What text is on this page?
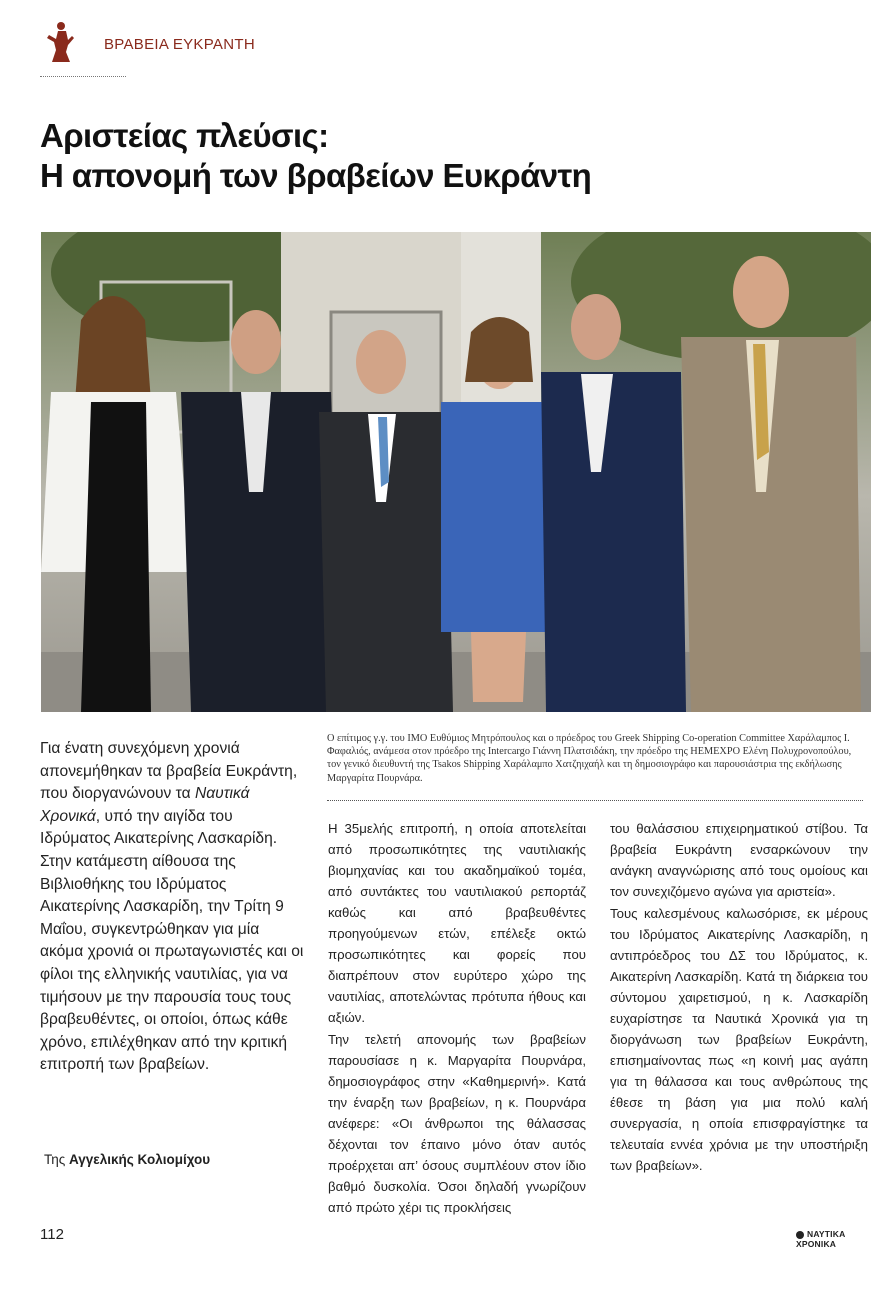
ΒΡΑΒΕΙΑ ΕΥΚΡΑΝΤΗ
Αριστείας πλεύσις:
Η απονομή των βραβείων Ευκράντη
Ο επίτιμος γ.γ. του ΙΜΟ Ευθύμιος Μητρόπουλος και ο πρόεδρος του Greek Shipping Co-operation Committee Χαράλαμπος Ι. Φαφαλιός, ανάμεσα στον πρόεδρο της Intercargo Γιάννη Πλατσιδάκη, την πρόεδρο της HEMEXPO Ελένη Πολυχρονοπούλου, τον γενικό διευθυντή της Tsakos Shipping Χαράλαμπο Χατζηιχαήλ και τη δημοσιογράφο και παρουσιάστρια της εκδήλωσης Μαργαρίτα Πουρνάρα.
Για ένατη συνεχόμενη χρονιά απονεμήθηκαν τα βραβεία Ευκράντη, που διοργανώνουν τα Ναυτικά Χρονικά, υπό την αιγίδα του Ιδρύματος Αικατερίνης Λασκαρίδη. Στην κατάμεστη αίθουσα της Βιβλιοθήκης του Ιδρύματος Αικατερίνης Λασκαρίδη, την Τρίτη 9 Μαΐου, συγκεντρώθηκαν για μία ακόμα χρονιά οι πρωταγωνιστές και οι φίλοι της ελληνικής ναυτιλίας, για να τιμήσουν με την παρουσία τους τους βραβευθέντες, οι οποίοι, όπως κάθε χρόνο, επιλέχθηκαν από την κριτική επιτροπή των βραβείων.
Της Αγγελικής Κολιομίχου

Η 35μελής επιτροπή, η οποία αποτελείται από προσωπικότητες της ναυτιλιακής βιομηχανίας και του ακαδημαϊκού τομέα, από συντάκτες του ναυτιλιακού ρεπορτάζ καθώς και από βραβευθέντες προηγούμενων ετών, επέλεξε οκτώ προσωπικότητες και φορείς που διαπρέπουν στον ευρύτερο χώρο της ναυτιλίας, αποτελώντας πρότυπα ήθους και αξιών.

Την τελετή απονομής των βραβείων παρουσίασε η κ. Μαργαρίτα Πουρνάρα, δημοσιογράφος στην «Καθημερινή». Κατά την έναρξη των βραβείων, η κ. Πουρνάρα ανέφερε: «Οι άνθρωποι της θάλασσας δέχονται τον έπαινο μόνο όταν αυτός προέρχεται απ’ όσους συμπλέουν στον ίδιο βαθμό δυσκολία. Όσοι δηλαδή γνωρίζουν από πρώτο χέρι τις προκλήσεις

του θαλάσσιου επιχειρηματικού στίβου. Τα βραβεία Ευκράντη ενσαρκώνουν την ανάγκη αναγνώρισης από τους ομοίους και τον συνεχιζόμενο αγώνα για αριστεία».

Τους καλεσμένους καλωσόρισε, εκ μέρους του Ιδρύματος Αικατερίνης Λασκαρίδη, η αντιπρόεδρος του ΔΣ του Ιδρύματος, κ. Αικατερίνη Λασκαρίδη. Κατά τη διάρκεια του σύντομου χαιρετισμού, η κ. Λασκαρίδη ευχαρίστησε τα Ναυτικά Χρονικά για τη διοργάνωση των βραβείων Ευκράντη, επισημαίνοντας πως «η κοινή μας αγάπη για τη θάλασσα και τους ανθρώπους της έθεσε τη βάση για μια πολύ καλή συνεργασία, η οποία επισφραγίστηκε τα τελευταία εννέα χρόνια με την υποστήριξη των βραβείων».

112	ΝΑΥΤΙΚΑ ΧΡΟΝΙΚΑ
